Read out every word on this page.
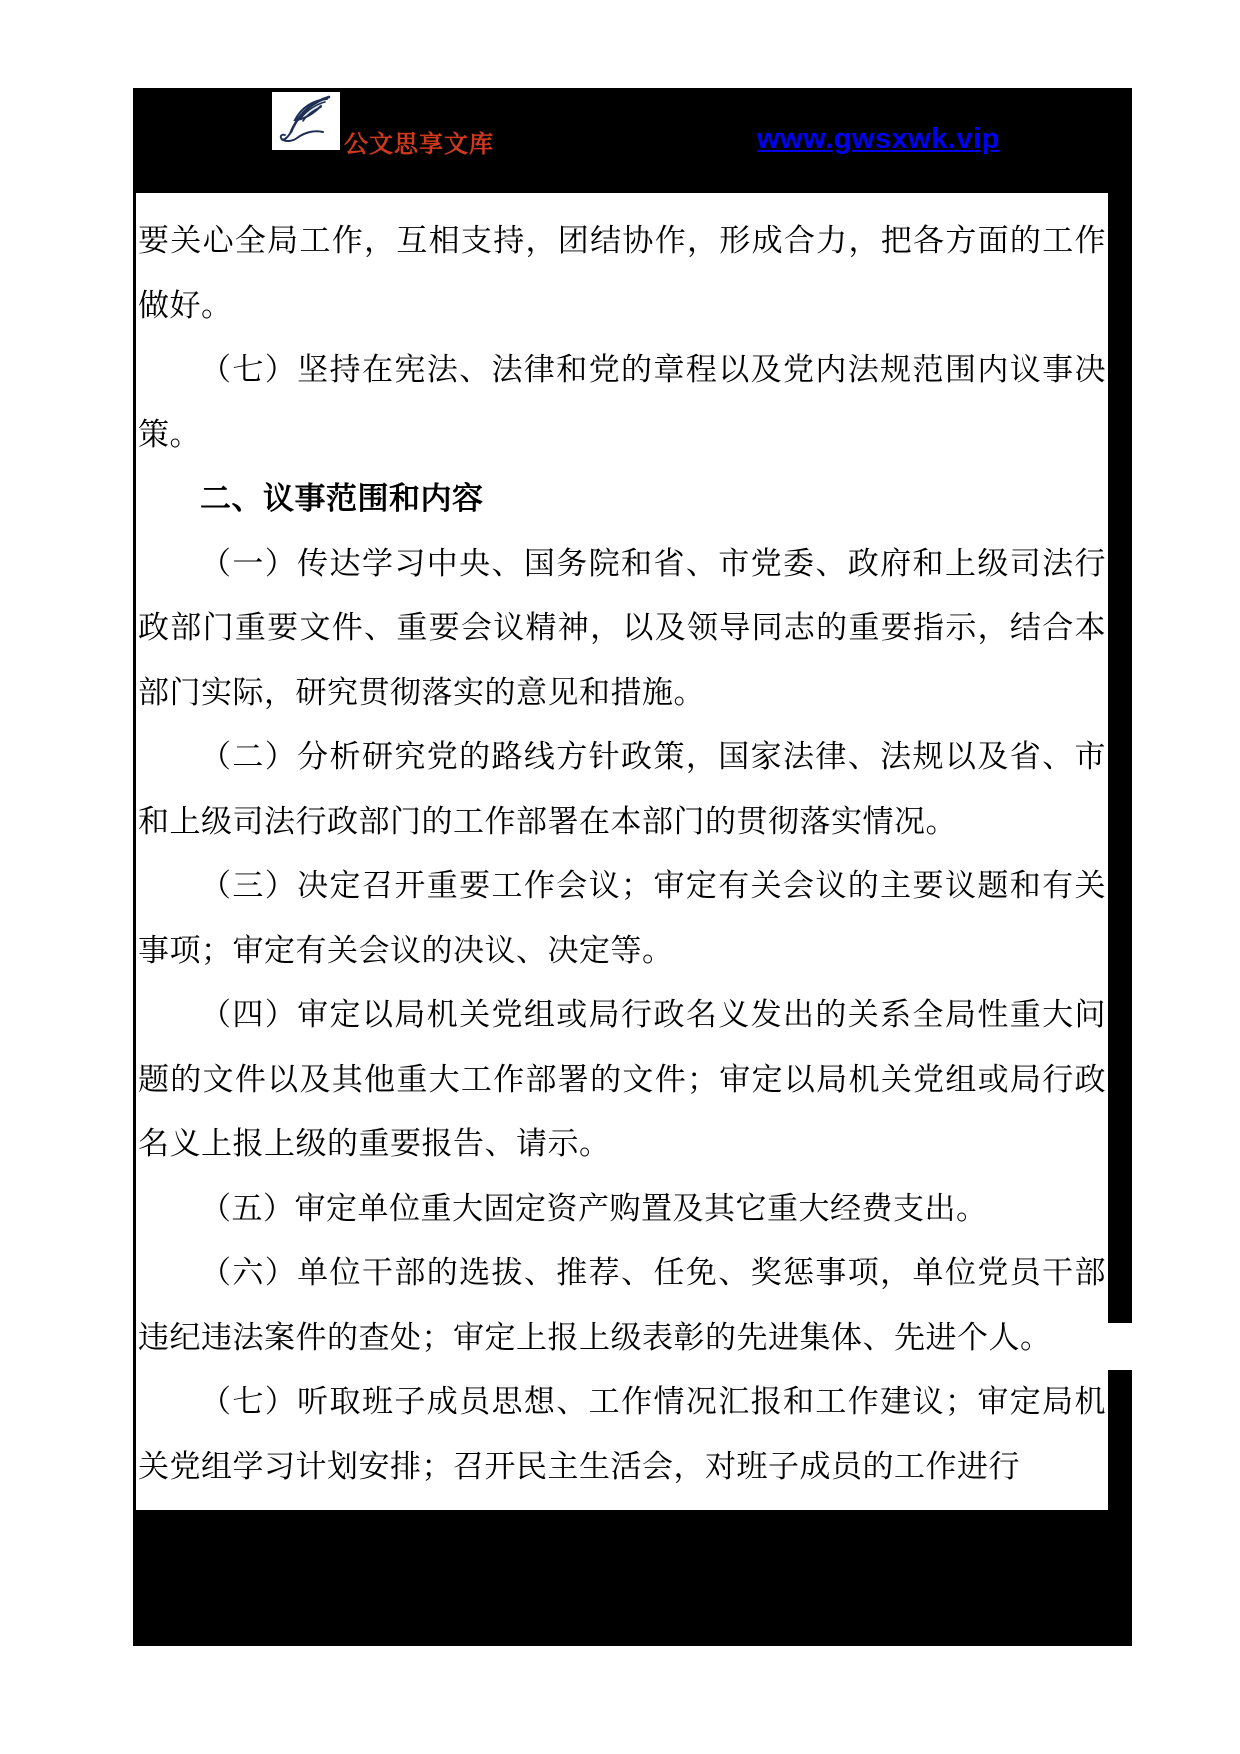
公文思享文库	www.gwsxwk.vip
要关心全局工作，互相支持，团结协作，形成合力，把各方面的工作做好。
（七）坚持在宪法、法律和党的章程以及党内法规范围内议事决策。
二、议事范围和内容
（一）传达学习中央、国务院和省、市党委、政府和上级司法行政部门重要文件、重要会议精神，以及领导同志的重要指示，结合本部门实际，研究贯彻落实的意见和措施。
（二）分析研究党的路线方针政策，国家法律、法规以及省、市和上级司法行政部门的工作部署在本部门的贯彻落实情况。
（三）决定召开重要工作会议；审定有关会议的主要议题和有关事项；审定有关会议的决议、决定等。
（四）审定以局机关党组或局行政名义发出的关系全局性重大问题的文件以及其他重大工作部署的文件；审定以局机关党组或局行政名义上报上级的重要报告、请示。
（五）审定单位重大固定资产购置及其它重大经费支出。
（六）单位干部的选拔、推荐、任免、奖惩事项，单位党员干部违纪违法案件的查处；审定上报上级表彰的先进集体、先进个人。
（七）听取班子成员思想、工作情况汇报和工作建议；审定局机关党组学习计划安排；召开民主生活会，对班子成员的工作进行
